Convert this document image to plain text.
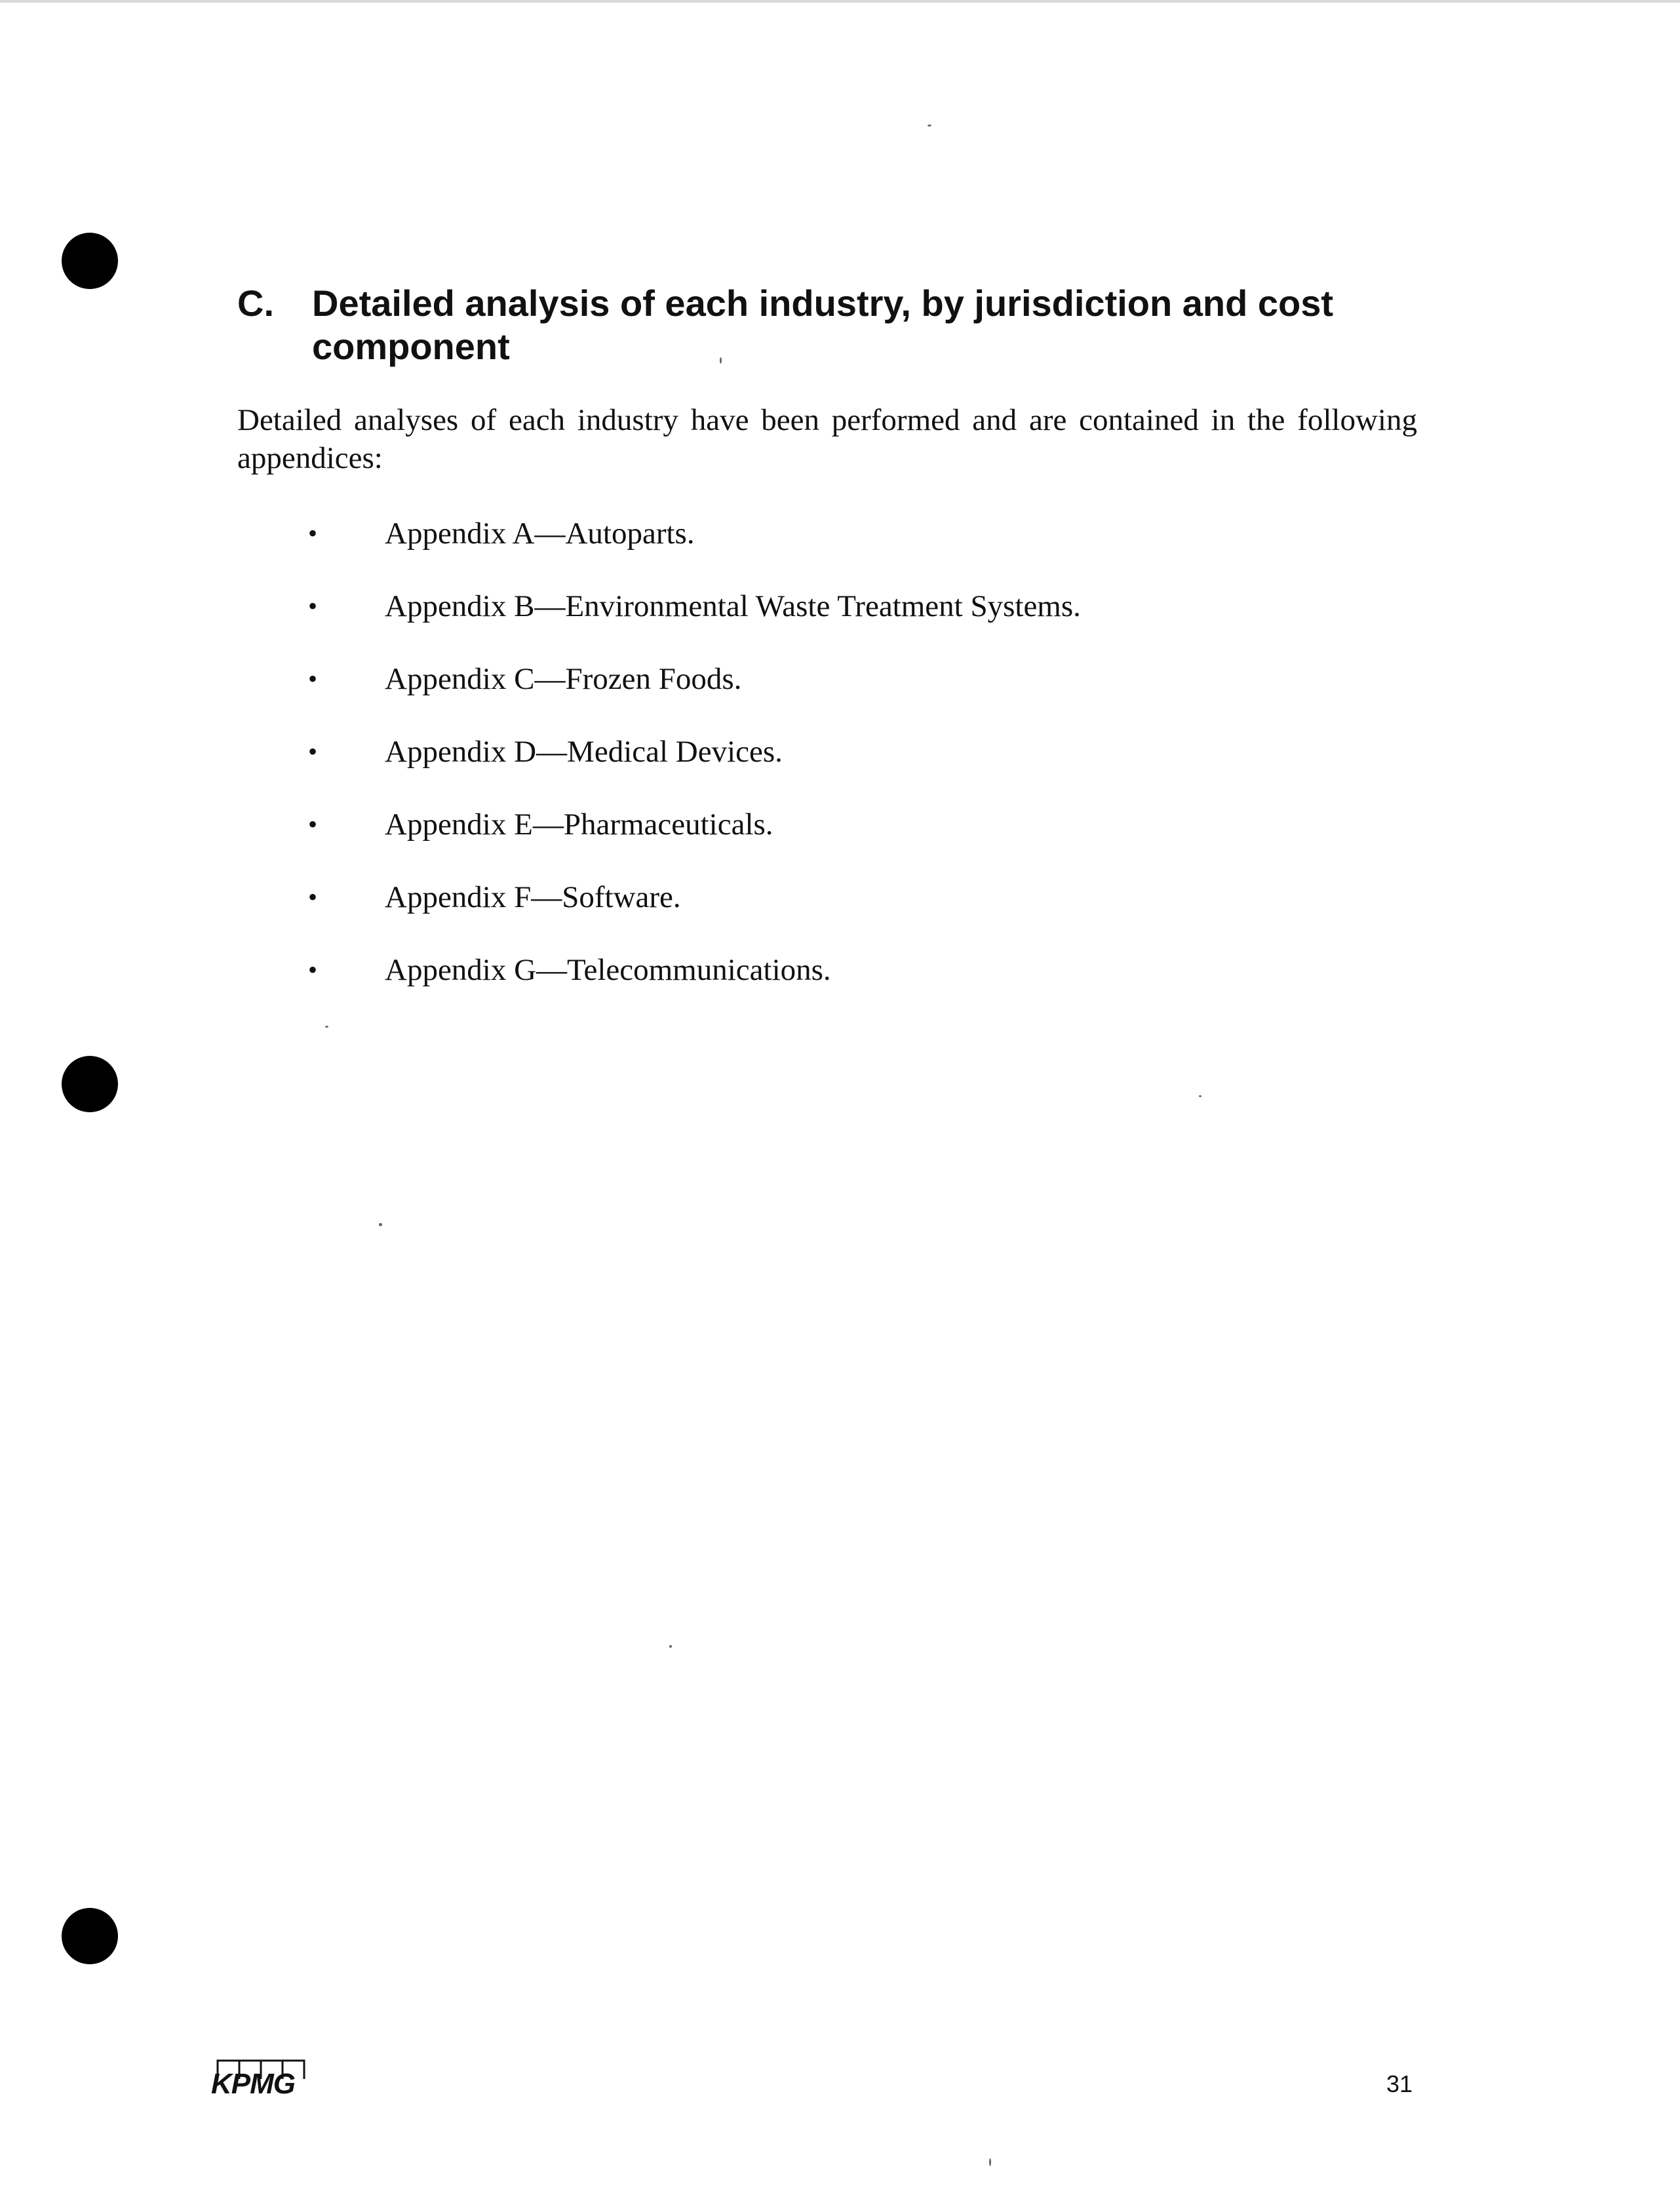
C. Detailed analysis of each industry, by jurisdiction and cost component

Detailed analyses of each industry have been performed and are contained in the following appendices:

• Appendix A—Autoparts.
• Appendix B—Environmental Waste Treatment Systems.
• Appendix C—Frozen Foods.
• Appendix D—Medical Devices.
• Appendix E—Pharmaceuticals.
• Appendix F—Software.
• Appendix G—Telecommunications.
KPMG	31
